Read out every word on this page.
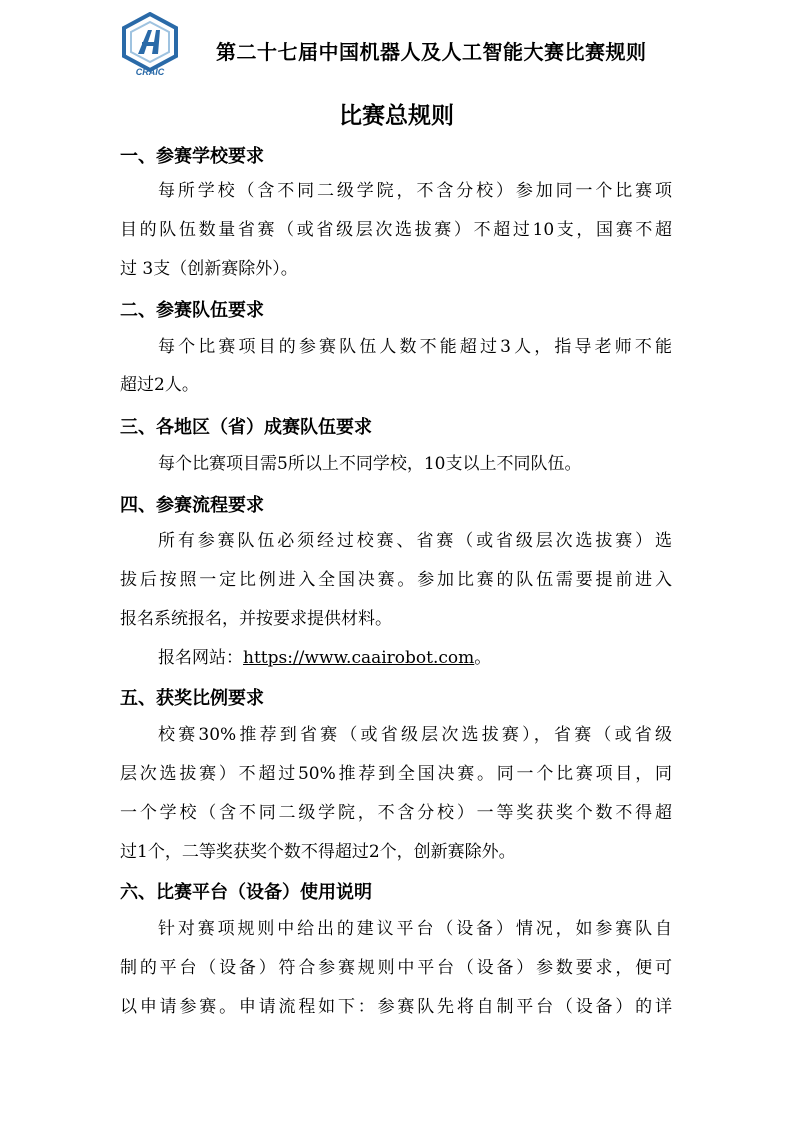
CRAIC
第二十七届中国机器人及人工智能大赛比赛规则
比赛总规则
一、参赛学校要求
每所学校（含不同二级学院，不含分校）参加同一个比赛项
目的队伍数量省赛（或省级层次选拔赛）不超过10支，国赛不超
过 3支（创新赛除外）。
二、参赛队伍要求
每个比赛项目的参赛队伍人数不能超过3人，指导老师不能
超过2人。
三、各地区（省）成赛队伍要求
每个比赛项目需5所以上不同学校，10支以上不同队伍。
四、参赛流程要求
所有参赛队伍必须经过校赛、省赛（或省级层次选拔赛）选
拔后按照一定比例进入全国决赛。参加比赛的队伍需要提前进入
报名系统报名，并按要求提供材料。
报名网站：https://www.caairobot.com。
五、获奖比例要求
校赛30%推荐到省赛（或省级层次选拔赛），省赛（或省级
层次选拔赛）不超过50%推荐到全国决赛。同一个比赛项目，同
一个学校（含不同二级学院，不含分校）一等奖获奖个数不得超
过1个，二等奖获奖个数不得超过2个，创新赛除外。
六、比赛平台（设备）使用说明
针对赛项规则中给出的建议平台（设备）情况，如参赛队自
制的平台（设备）符合参赛规则中平台（设备）参数要求，便可
以申请参赛。申请流程如下：参赛队先将自制平台（设备）的详
